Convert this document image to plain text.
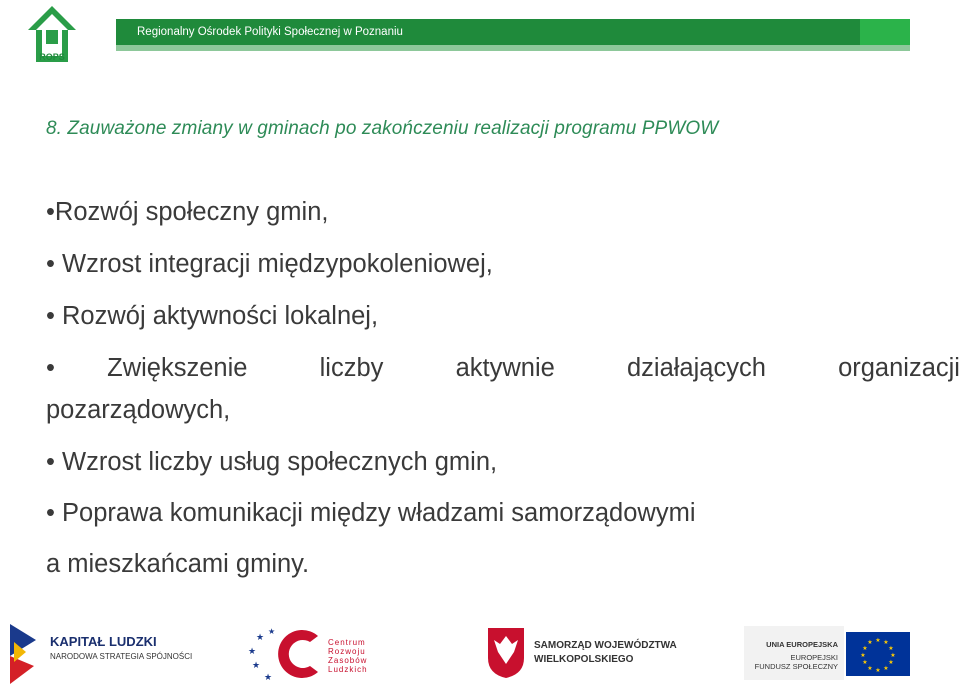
ROPS
Regionalny Ośrodek Polityki Społecznej w Poznaniu
8. Zauważone zmiany w gminach po zakończeniu realizacji programu PPWOW
•Rozwój społeczny gmin,
• Wzrost integracji międzypokoleniowej,
• Rozwój aktywności lokalnej,
• Zwiększenie	liczby	aktywnie	działających	organizacji
pozarządowych,
• Wzrost liczby usług społecznych gmin,
• Poprawa komunikacji między władzami samorządowymi
a mieszkańcami gminy.
KAPITAŁ LUDZKI
NARODOWA STRATEGIA SPÓJNOŚCI
★
★
★
★
★
Centrum
Rozwoju
Zasobów
Ludzkich
SAMORZĄD WOJEWÓDZTWA
WIELKOPOLSKIEGO
UNIA EUROPEJSKA
EUROPEJSKI
FUNDUSZ SPOŁECZNY
★ ★
★
★
★
★
★
★
★
★
★
★
